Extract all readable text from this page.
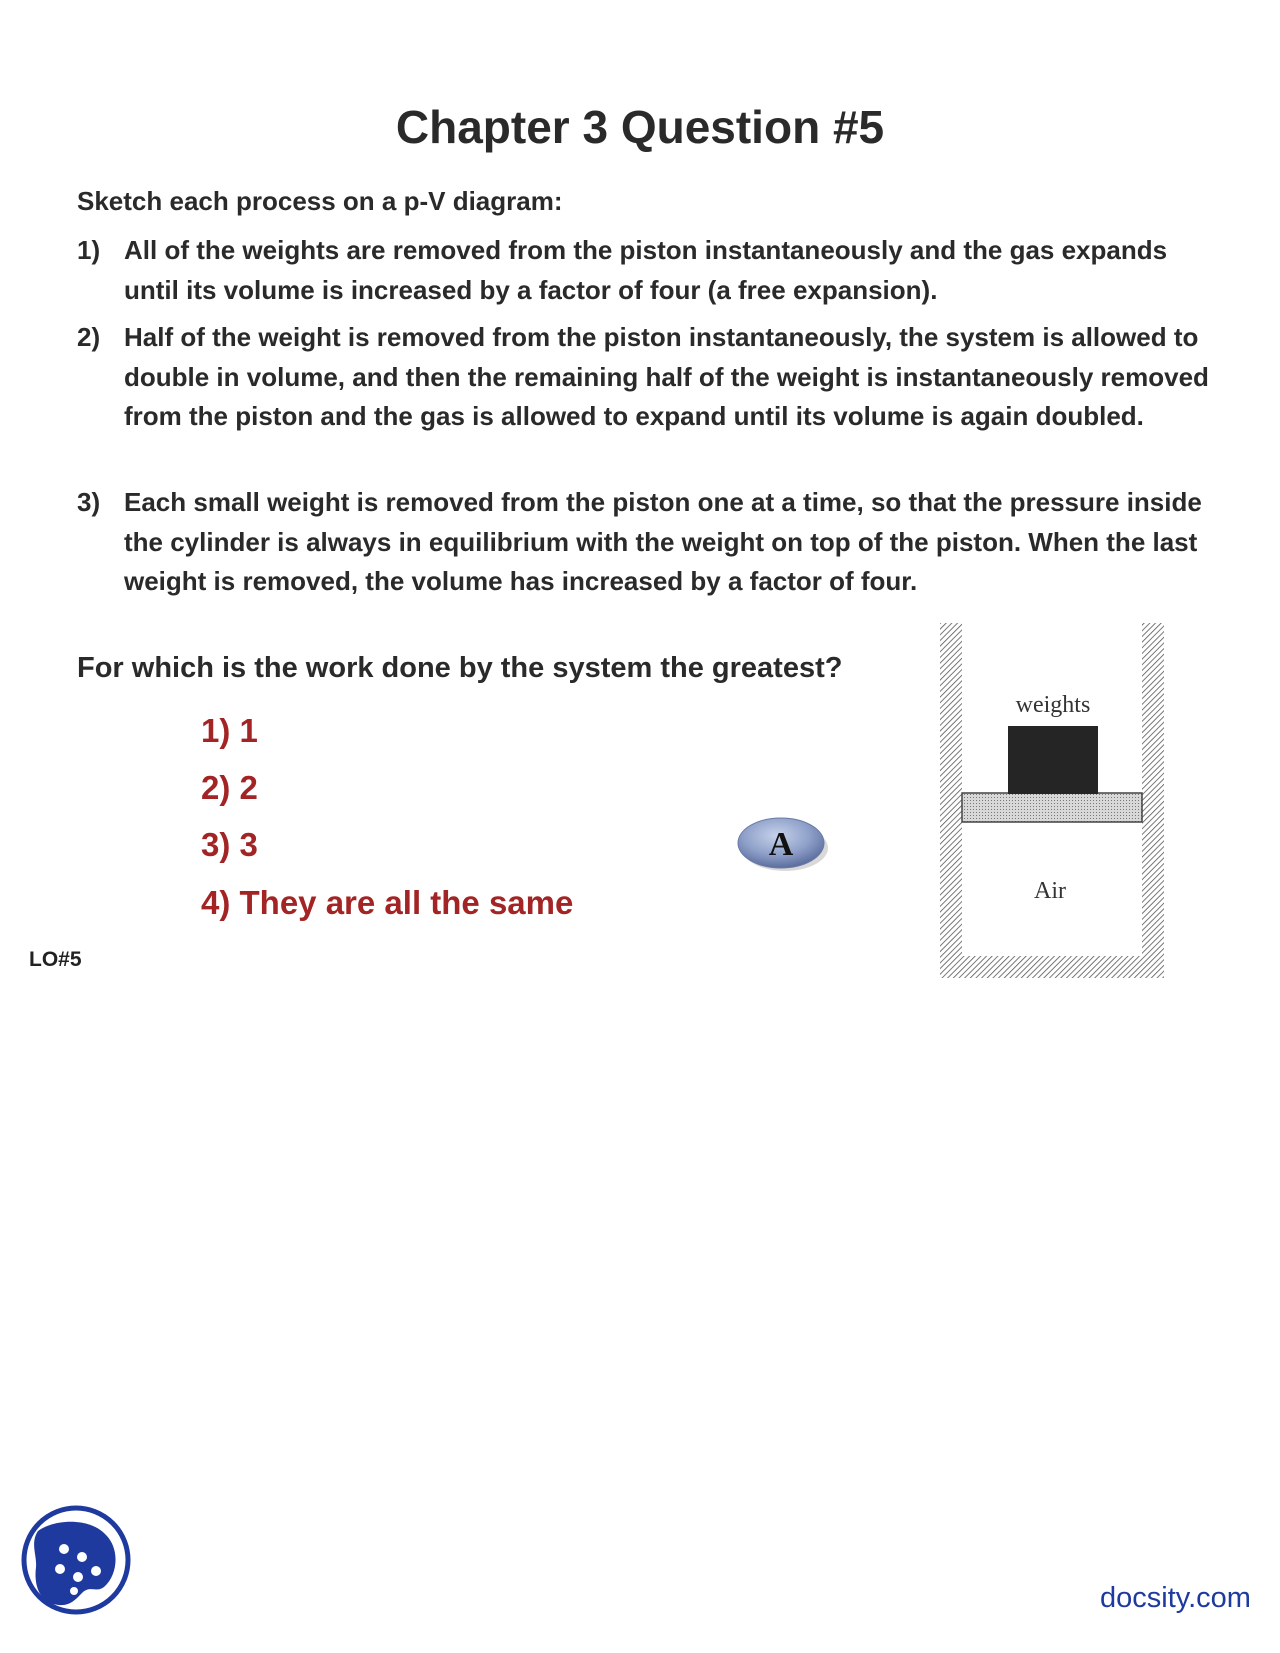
Chapter 3 Question #5
Sketch each process on a p-V diagram:
1) All of the weights are removed from the piston instantaneously and the gas expands until its volume is increased by a factor of four (a free expansion).
2) Half of the weight is removed from the piston instantaneously, the system is allowed to double in volume, and then the remaining half of the weight is instantaneously removed from the piston and the gas is allowed to expand until its volume is again doubled.
3) Each small weight is removed from the piston one at a time, so that the pressure inside the cylinder is always in equilibrium with the weight on top of the piston. When the last weight is removed, the volume has increased by a factor of four.
For which is the work done by the system the greatest?
1) 1
2) 2
3) 3
4) They are all the same
A
weights
Air
LO#5
docsity.com
